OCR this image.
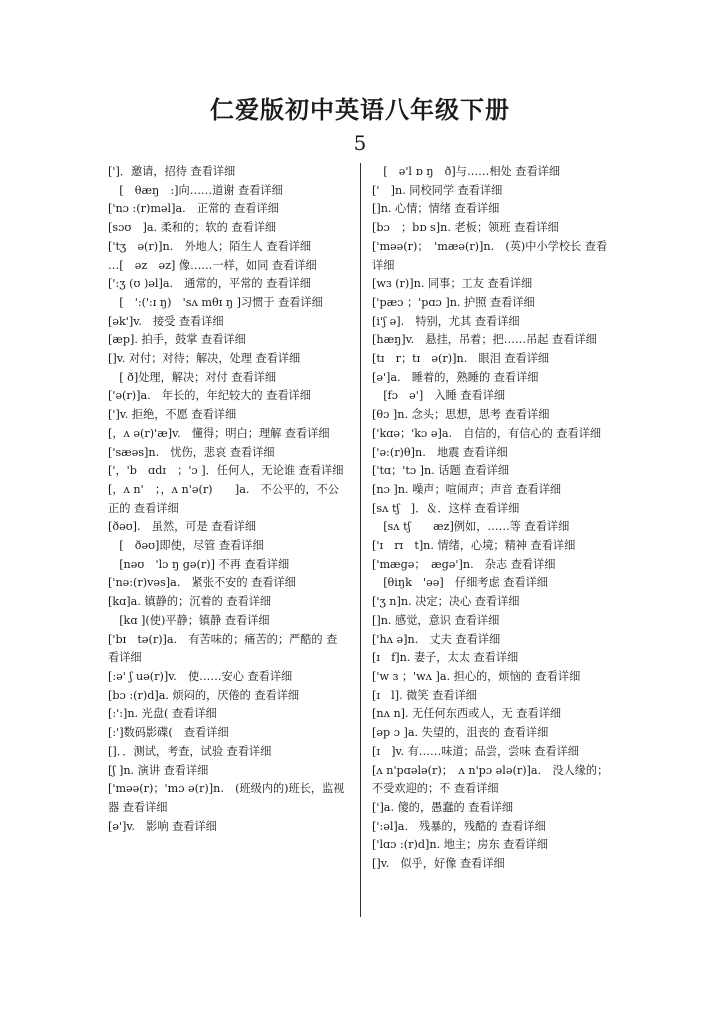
仁爱版初中英语八年级下册
5
[']．邀请，招待 查看详细
　[　θæŋ　:]向……道谢 查看详细
['nɔ :(r)məl]a.　正常的 查看详细
[sɔʊ　]a. 柔和的；软的 查看详细
['tʒ　ə(r)]n.　外地人；陌生人 查看详细
…[　əz　əz] 像……一样，如同 查看详细
[':ʒ (ʊ )əl]a.　通常的，平常的 查看详细
　[　':(':ɪ ŋ)　'sʌ mθɪ ŋ ]习惯于 查看详细
[ək']v.　接受 查看详细
[æp]. 拍手，鼓掌 查看详细
[]v. 对付；对待；解决，处理 查看详细
　[ ð]处理，解决；对付 查看详细
['ə(r)]a.　年长的，年纪较大的 查看详细
[']v. 拒绝，不愿 查看详细
[，ʌ ə(r)'æ]v.　懂得；明白；理解 查看详细
['sæəs]n.　忧伤，悲哀 查看详细
['，'b　ɑdɪ　；'ɔ ]．任何人，无论谁 查看详细
[，ʌ n'　；，ʌ n'ə(r)　　]a.　不公平的，不公正的 查看详细
[ðəʊ].　虽然，可是 查看详细
　[　ðəʊ]即使，尽管 查看详细
　[nəʊ　'lɔ ŋ gə(r)] 不再 查看详细
['nə:(r)vəs]a.　紧张不安的 查看详细
[kɑ]a. 镇静的；沉着的 查看详细
　[kɑ ](使)平静；镇静 查看详细
['bɪ　tə(r)]a.　有苦味的；痛苦的；严酷的 查看详细
[:ə' ʃ uə(r)]v.　使……安心 查看详细
[bɔ :(r)d]a. 烦闷的，厌倦的 查看详细
[:':]n. 光盘( 查看详细
[:']数码影碟(　查看详细
[]．．测试，考查，试验 查看详细
[ʃ ]n. 演讲 查看详细
['məə(r)；'mɔ ə(r)]n.　(班级内的)班长，监视器 查看详细
[ə']v.　影响 查看详细
　[　ə'l ɒ ŋ　ð]与……相处 查看详细
['　]n. 同校同学 查看详细
[]n. 心情；情绪 查看详细
[bɔ　；bɒ s]n. 老板；领班 查看详细
['məə(r)；　'mæə(r)]n.　(英)中小学校长 查看详细
[wɜ (r)]n. 同事；工友 查看详细
['pæɔ ；'pɑɔ ]n. 护照 查看详细
[i'ʃ ə].　特别，尤其 查看详细
[hæŋ]v.　悬挂，吊着；把……吊起 查看详细
[tɪ　r；tɪ　ə(r)]n.　眼泪 查看详细
[ə']a.　睡着的，熟睡的 查看详细
　[fɔ　ə']　入睡 查看详细
[θɔ ]n. 念头；思想，思考 查看详细
['kɑə；'kɔ ə]a.　自信的，有信心的 查看详细
['ə:(r)θ]n.　地震 查看详细
['tɑ；'tɔ ]n. 话题 查看详细
[nɔ ]n. 噪声；喧闹声；声音 查看详细
[sʌ tʃ　]．＆．这样 查看详细
　[sʌ tʃ　　æz]例如，……等 查看详细
['ɪ　rɪ　t]n. 情绪，心境；精神 查看详细
['mæɡə；　æɡə']n.　杂志 查看详细
　[θiŋk　'əə]　仔细考虑 查看详细
['ʒ n]n. 决定；决心 查看详细
[]n. 感觉，意识 查看详细
['hʌ ə]n.　丈夫 查看详细
[ɪ　f]n. 妻子，太太 查看详细
['w ɜ ；'wʌ ]a. 担心的，烦恼的 查看详细
[ɪ　l]. 微笑 查看详细
[nʌ n]. 无任何东西或人，无 查看详细
[əp ɔ ]a. 失望的，沮丧的 查看详细
[ɪ　]v. 有……味道；品尝，尝味 查看详细
[ʌ n'pɑələ(r)；　ʌ n'pɔ ələ(r)]a.　没人缘的；不受欢迎的；不 查看详细
[']a. 傻的，愚蠢的 查看详细
[':əl]a.　残暴的，残酷的 查看详细
['lɑɔ :(r)d]n. 地主；房东 查看详细
[]v.　似乎，好像 查看详细
